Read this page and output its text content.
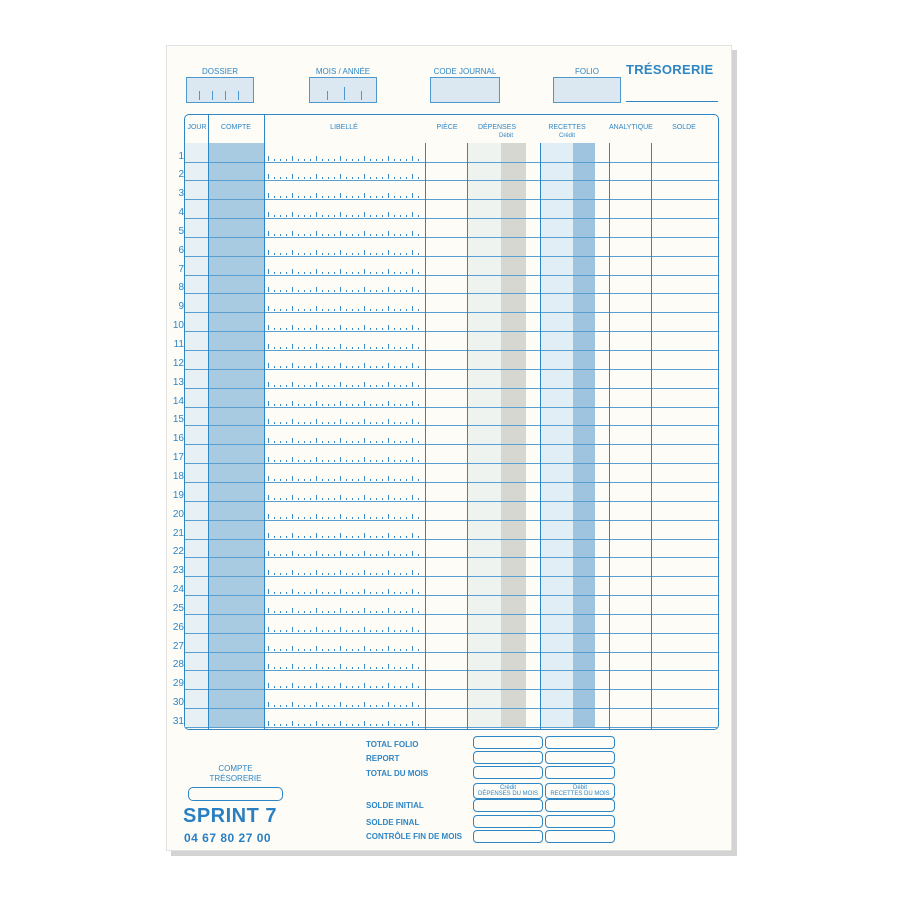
DOSSIER	MOIS / ANNÉE	CODE JOURNAL	FOLIO	TRÉSORERIE
JOUR	COMPTE	LIBELLÉ	PIÈCE	DÉPENSES
Débit
RECETTES
Crédit
ANALYTIQUE	SOLDE
1
2
3
4
5
6
7
8
9
10
11
12
13
14
15
16
17
18
19
20
21
22
23
24
25
26
27
28
29
30
31
COMPTE
TRÉSORERIE
SPRINT 7
04 67 80 27 00
TOTAL FOLIO
REPORT
TOTAL DU MOIS
SOLDE INITIAL
SOLDE FINAL
CONTRÔLE FIN DE MOIS
Crédit
DÉPENSES DU MOIS
Débit
RECETTES DU MOIS
